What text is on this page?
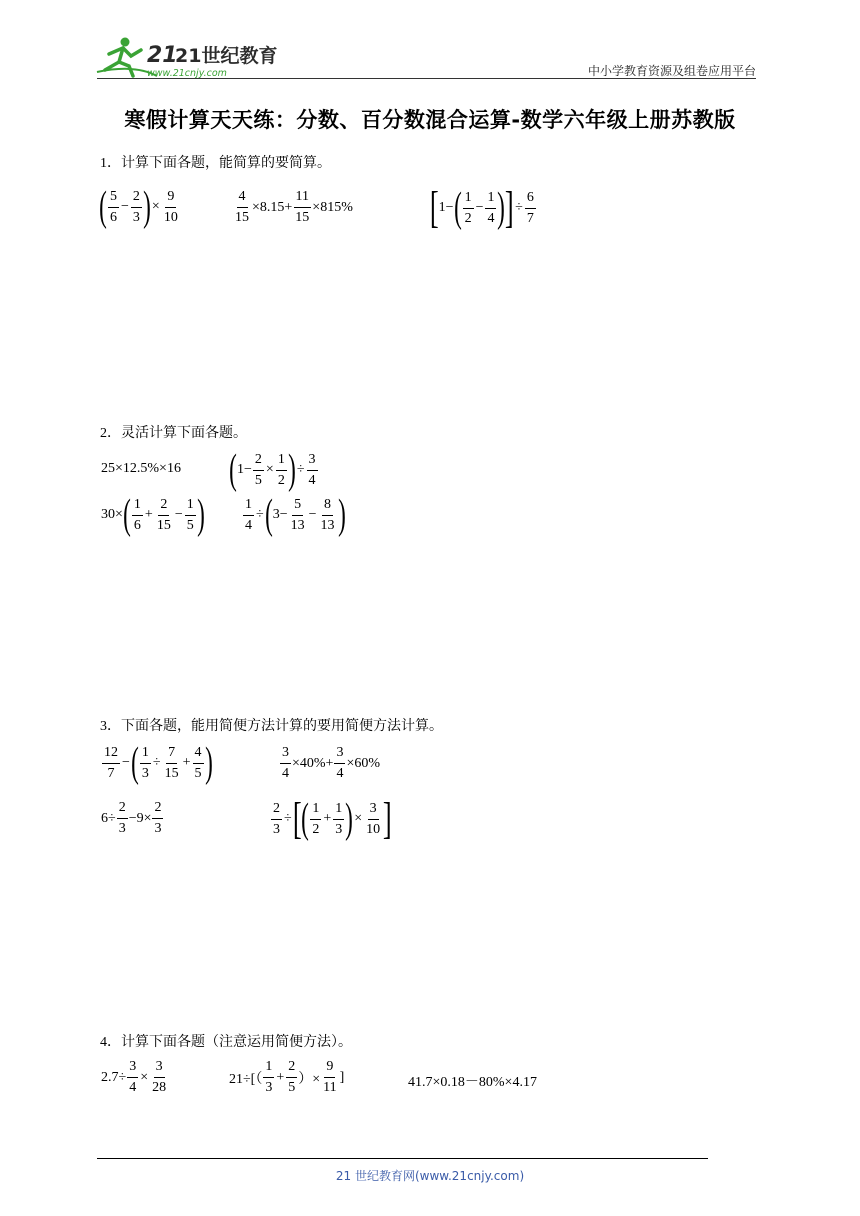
21
21世纪教育
www.21cnjy.com	中小学教育资源及组卷应用平台
寒假计算天天练：分数、百分数混合运算-数学六年级上册苏教版
1．计算下面各题，能简算的要简算。
( $\frac{5}{6} - \frac{2}{3}$ ) × $\frac{9}{10}$	$\frac{4}{15} \times 8.15+ \frac{11}{15} \times 815\%$ [ 1− ( $\frac{1}{2} - \frac{1}{4}$ ) ] ÷ $\frac{6}{7}$
2．灵活计算下面各题。
25×12.5%×16 ( $1- \frac{2}{5} \times \frac{1}{2}$ ) ÷ $\frac{3}{4}$
30× ( $\frac{1}{6} + \frac{2}{15} - \frac{1}{5}$ )	$\frac{1}{4}$ ÷ ( $3- \frac{5}{13} - \frac{8}{13}$ )
3．下面各题，能用简便方法计算的要用简便方法计算。
$\frac{12}{7}$ − ( $\frac{1}{3} \div \frac{7}{15} + \frac{4}{5}$ )	$\frac{3}{4} \times 40\%+ \frac{3}{4} \times 60\%$
$6\div \frac{2}{3} -9\times \frac{2}{3}$	$\frac{2}{3}$ ÷ [ ( $\frac{1}{2} + \frac{1}{3}$ ) × $\frac{3}{10}$ ]
4．计算下面各题（注意运用简便方法）。
$2.7\div \frac{3}{4} \times \frac{3}{28}$	$21\div[( \frac{1}{3} + \frac{2}{5}$ ）× $\frac{9}{11}$ ]	41.7×0.18－80%×4.17
21 世纪教育网(www.21cnjy.com)
